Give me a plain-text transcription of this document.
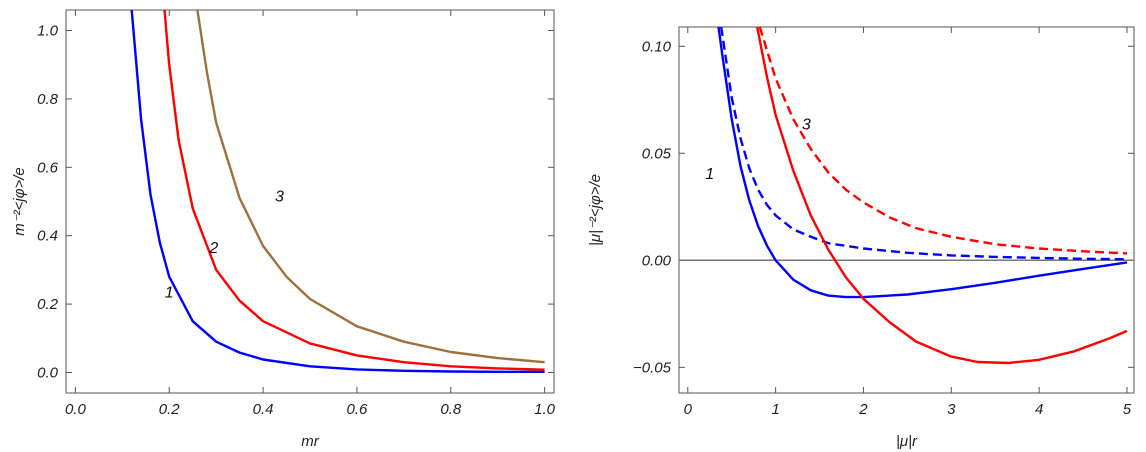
0.0	0.2	0.4	0.6	0.8	1.0
0.0
0.2
0.4
0.6
0.8
1.0
1
2
3
mr
m⁻²<jφ>/e
0	1	2	3	4	5
−0.05
0.00
0.05
0.10
1
3
|μ|r
|μ|⁻²<jφ>/e
